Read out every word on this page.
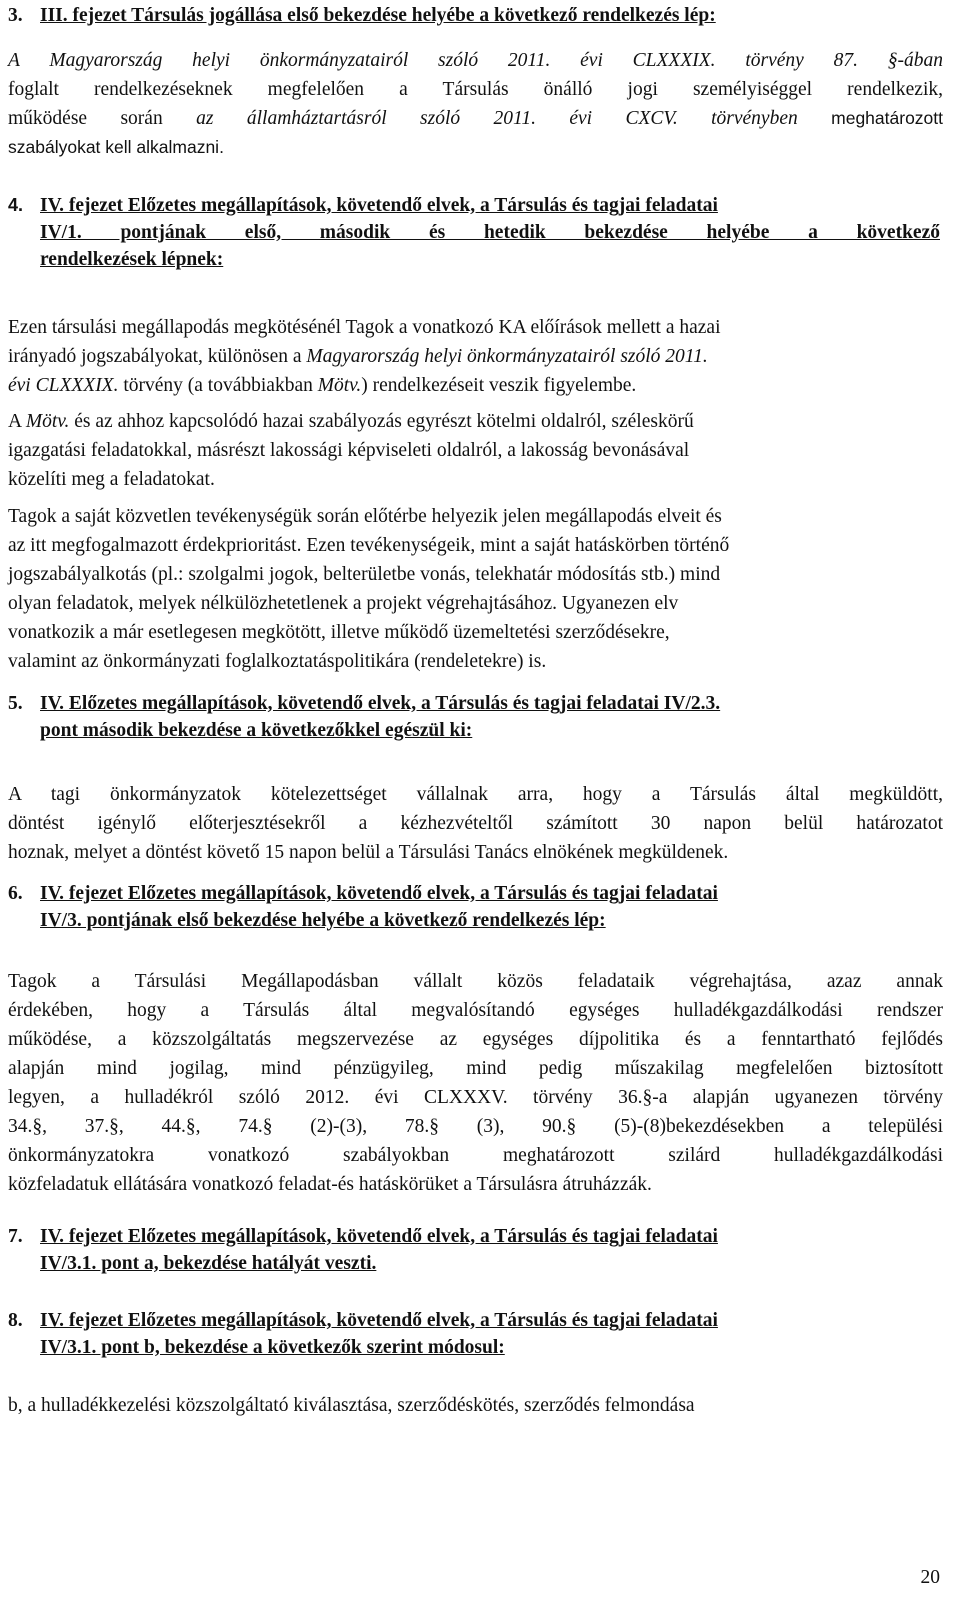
3. III. fejezet Társulás jogállása első bekezdése helyébe a következő rendelkezés lép:
A Magyarország helyi önkormányzatairól szóló 2011. évi CLXXXIX. törvény 87. §-ában
foglalt rendelkezéseknek megfelelően a Társulás önálló jogi személyiséggel rendelkezik,
működése során az államháztartásról szóló 2011. évi CXCV. törvényben meghatározott
szabályokat kell alkalmazni.
4. IV. fejezet Előzetes megállapítások, követendő elvek, a Társulás és tagjai feladatai
IV/1. pontjának első, második és hetedik bekezdése helyébe a következő
rendelkezések lépnek:
Ezen társulási megállapodás megkötésénél Tagok a vonatkozó KA előírások mellett a hazai
irányadó jogszabályokat, különösen a Magyarország helyi önkormányzatairól szóló 2011.
évi CLXXXIX. törvény (a továbbiakban Mötv.) rendelkezéseit veszik figyelembe.
A Mötv. és az ahhoz kapcsolódó hazai szabályozás egyrészt kötelmi oldalról, széleskörű
igazgatási feladatokkal, másrészt lakossági képviseleti oldalról, a lakosság bevonásával
közelíti meg a feladatokat.
Tagok a saját közvetlen tevékenységük során előtérbe helyezik jelen megállapodás elveit és
az itt megfogalmazott érdekprioritást. Ezen tevékenységeik, mint a saját hatáskörben történő
jogszabályalkotás (pl.: szolgalmi jogok, belterületbe vonás, telekhatár módosítás stb.) mind
olyan feladatok, melyek nélkülözhetetlenek a projekt végrehajtásához. Ugyanezen elv
vonatkozik a már esetlegesen megkötött, illetve működő üzemeltetési szerződésekre,
valamint az önkormányzati foglalkoztatáspolitikára (rendeletekre) is.
5. IV. Előzetes megállapítások, követendő elvek, a Társulás és tagjai feladatai IV/2.3.
pont második bekezdése a következőkkel egészül ki:
A tagi önkormányzatok kötelezettséget vállalnak arra, hogy a Társulás által megküldött,
döntést igénylő előterjesztésekről a kézhezvételtől számított 30 napon belül határozatot
hoznak, melyet a döntést követő 15 napon belül a Társulási Tanács elnökének megküldenek.
6. IV. fejezet Előzetes megállapítások, követendő elvek, a Társulás és tagjai feladatai
IV/3. pontjának első bekezdése helyébe a következő rendelkezés lép:
Tagok a Társulási Megállapodásban vállalt közös feladataik végrehajtása, azaz annak
érdekében, hogy a Társulás által megvalósítandó egységes hulladékgazdálkodási rendszer
működése, a közszolgáltatás megszervezése az egységes díjpolitika és a fenntartható fejlődés
alapján mind jogilag, mind pénzügyileg, mind pedig műszakilag megfelelően biztosított
legyen, a hulladékról szóló 2012. évi CLXXXV. törvény 36.§-a alapján ugyanezen törvény
34.§, 37.§, 44.§, 74.§ (2)-(3), 78.§ (3), 90.§ (5)-(8)bekezdésekben a települési
önkormányzatokra vonatkozó szabályokban meghatározott szilárd hulladékgazdálkodási
közfeladatuk ellátására vonatkozó feladat-és hatáskörüket a Társulásra átruházzák.
7. IV. fejezet Előzetes megállapítások, követendő elvek, a Társulás és tagjai feladatai
IV/3.1. pont a, bekezdése hatályát veszti.
8. IV. fejezet Előzetes megállapítások, követendő elvek, a Társulás és tagjai feladatai
IV/3.1. pont b, bekezdése a következők szerint módosul:
b, a hulladékkezelési közszolgáltató kiválasztása, szerződéskötés, szerződés felmondása
20
